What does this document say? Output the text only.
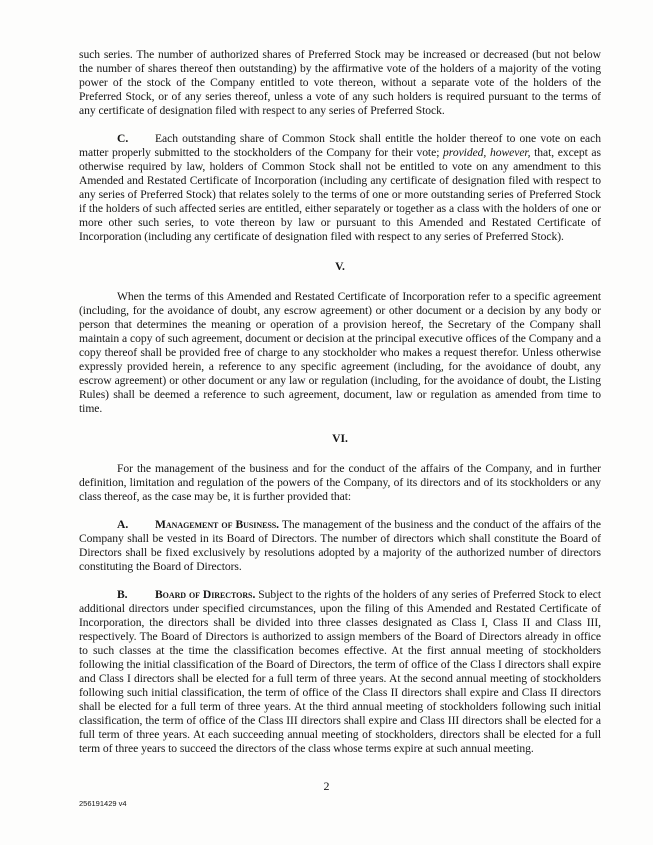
such series. The number of authorized shares of Preferred Stock may be increased or decreased (but not below the number of shares thereof then outstanding) by the affirmative vote of the holders of a majority of the voting power of the stock of the Company entitled to vote thereon, without a separate vote of the holders of the Preferred Stock, or of any series thereof, unless a vote of any such holders is required pursuant to the terms of any certificate of designation filed with respect to any series of Preferred Stock.

C. Each outstanding share of Common Stock shall entitle the holder thereof to one vote on each matter properly submitted to the stockholders of the Company for their vote; provided, however, that, except as otherwise required by law, holders of Common Stock shall not be entitled to vote on any amendment to this Amended and Restated Certificate of Incorporation (including any certificate of designation filed with respect to any series of Preferred Stock) that relates solely to the terms of one or more outstanding series of Preferred Stock if the holders of such affected series are entitled, either separately or together as a class with the holders of one or more other such series, to vote thereon by law or pursuant to this Amended and Restated Certificate of Incorporation (including any certificate of designation filed with respect to any series of Preferred Stock).

V.

When the terms of this Amended and Restated Certificate of Incorporation refer to a specific agreement (including, for the avoidance of doubt, any escrow agreement) or other document or a decision by any body or person that determines the meaning or operation of a provision hereof, the Secretary of the Company shall maintain a copy of such agreement, document or decision at the principal executive offices of the Company and a copy thereof shall be provided free of charge to any stockholder who makes a request therefor. Unless otherwise expressly provided herein, a reference to any specific agreement (including, for the avoidance of doubt, any escrow agreement) or other document or any law or regulation (including, for the avoidance of doubt, the Listing Rules) shall be deemed a reference to such agreement, document, law or regulation as amended from time to time.

VI.

For the management of the business and for the conduct of the affairs of the Company, and in further definition, limitation and regulation of the powers of the Company, of its directors and of its stockholders or any class thereof, as the case may be, it is further provided that:

A. Management of Business. The management of the business and the conduct of the affairs of the Company shall be vested in its Board of Directors. The number of directors which shall constitute the Board of Directors shall be fixed exclusively by resolutions adopted by a majority of the authorized number of directors constituting the Board of Directors.

B. Board of Directors. Subject to the rights of the holders of any series of Preferred Stock to elect additional directors under specified circumstances, upon the filing of this Amended and Restated Certificate of Incorporation, the directors shall be divided into three classes designated as Class I, Class II and Class III, respectively. The Board of Directors is authorized to assign members of the Board of Directors already in office to such classes at the time the classification becomes effective. At the first annual meeting of stockholders following the initial classification of the Board of Directors, the term of office of the Class I directors shall expire and Class I directors shall be elected for a full term of three years. At the second annual meeting of stockholders following such initial classification, the term of office of the Class II directors shall expire and Class II directors shall be elected for a full term of three years. At the third annual meeting of stockholders following such initial classification, the term of office of the Class III directors shall expire and Class III directors shall be elected for a full term of three years. At each succeeding annual meeting of stockholders, directors shall be elected for a full term of three years to succeed the directors of the class whose terms expire at such annual meeting.

2
256191429 v4
